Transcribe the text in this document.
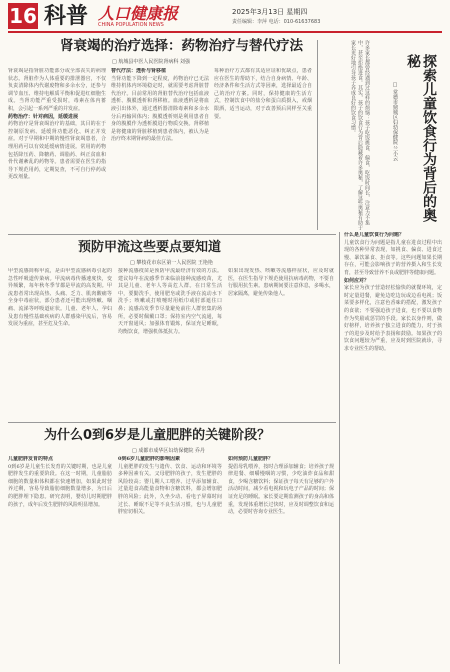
16 科普 人口健康报
CHINA POPULATION NEWS
2025年3月13日 星期四
责任编辑：李萍 电话：010-61637683
肾衰竭的治疗选择：药物治疗与替代疗法
□ 航城县中医人民医院肾病科 刘强
肾衰竭是指肾脏功能部分或全部丧失的病理状态。肾脏作为人体重要的排泄器官，不仅负责清除体内代谢废物和多余水分，还参与调节血压、维持电解质平衡和促进红细胞生成。当肾功能严重受损时，毒素在体内蓄积，会引起一系列严重的并发症。
药物治疗：针对病因，延缓进展
药物治疗是肾衰竭治疗的基础，其目的在于控制原发病、延缓肾功能恶化、纠正并发症。对于早期和中期的慢性肾衰竭患者，合理用药可以有效延缓病情进展。常用的药物包括降压药、降糖药、调脂药、纠正贫血和骨代谢紊乱的药物等。患者需要在医生的指导下规范用药，定期复查，不可自行停药或更改剂量。
替代疗法：透析与肾移植
当肾功能下降到一定程度，药物治疗已无法维持机体内环境稳定时，就需要考虑肾脏替代治疗。目前常用的肾脏替代治疗包括血液透析、腹膜透析和肾移植。血液透析是将血液引出体外，通过透析器清除毒素和多余水分后再输回体内；腹膜透析则是利用患者自身的腹膜作为透析膜进行物质交换。肾移植是将健康的肾脏移植到患者体内，被认为是治疗终末期肾病的最佳方法。
每种治疗方式都有其适应证和优缺点，患者应在医生的帮助下，结合自身病情、年龄、经济条件和生活方式等因素，选择最适合自己的治疗方案。同时，保持健康的生活方式，控制饮食中的盐分和蛋白质摄入，戒烟限酒，适当运动，对于改善预后同样至关重要。	许多家长都曾经遇到过这样的烦恼：孩子吃饭挑食、偏食，吃饭时间长，注意力不集中，甚至拒绝进食。其实，孩子的饮食行为背后隐藏着许多奥秘，了解这些奥秘有助于家长更好地引导孩子养成良好的饮食习惯。	探索儿童饮食行为背后的奥秘
□ 常德市鼎城区妇幼保健院 兰小云
什么是儿童饮食行为问题？
儿童饮食行为问题是指儿童在进食过程中出现的各种异常表现，如挑食、偏食、进食过慢、暴饮暴食、拒食等。这些问题如果长期存在，可能会影响孩子的营养摄入和生长发育，甚至导致营养不良或肥胖等健康问题。
如何应对？
家长应为孩子营造轻松愉快的就餐环境，定时定量进餐，避免边吃边玩或边看电视；饭菜要多样化，注意色香味的搭配，激发孩子的食欲；不要强迫孩子进食，也不要以食物作为奖励或惩罚的手段。家长以身作则，做好榜样，培养孩子独立进食的能力，对于孩子的进步及时给予表扬和鼓励。如果孩子的饮食问题较为严重，应及时到医院就诊，寻求专业医生的帮助。
预防甲流这些要点要知道
□ 攀枝花市东区第一人民医院 王艳艳
甲型流感简称甲流，是由甲型流感病毒引起的急性呼吸道传染病。甲流病毒传播速度快，变异频繁，每年秋冬季节都是甲流的高发期。甲流患者常出现高热、头痛、乏力、肌肉酸痛等全身中毒症状，部分患者还可能出现咳嗽、咽痛、流涕等呼吸道症状。儿童、老年人、孕妇及患有慢性基础疾病的人群感染甲流后，容易发展为重症，甚至危及生命。
接种流感疫苗是预防甲流最经济有效的方法。建议每年在流感季节来临前接种流感疫苗，尤其是儿童、老年人等高危人群。在日常生活中，要勤洗手，使用肥皂或洗手液在流动水下洗手；咳嗽或打喷嚏时用纸巾或肘部遮住口鼻；流感高发季节尽量避免前往人群密集的场所，必要时佩戴口罩；保持室内空气流通，每天开窗通风；加强体育锻炼，保证充足睡眠，均衡饮食，增强机体抵抗力。
如果出现发热、咳嗽等流感样症状，应及时就医，在医生指导下规范使用抗病毒药物，不要自行服用抗生素。患病期间要注意休息，多喝水，居家隔离，避免传染他人。
为什么0到6岁是儿童肥胖的关键阶段？
□ 成都市成华区妇幼保健院 乔丹
儿童肥胖发育的特点
0到6岁是儿童生长发育的关键时期，也是儿童肥胖发生的重要阶段。在这一时期，儿童脂肪细胞的数量和体积都在快速增加，如果此时营养过剩，容易导致脂肪细胞数量增多，为日后的肥胖埋下隐患。研究表明，婴幼儿时期肥胖的孩子，成年后发生肥胖的风险明显增加。
0到6岁儿童肥胖的影响因素
儿童肥胖的发生与遗传、饮食、运动和环境等多种因素有关。父母肥胖的孩子，发生肥胖的风险较高；婴儿期人工喂养、过早添加辅食、过量进食高能量食物和含糖饮料，都会增加肥胖的风险；此外，久坐少动、看电子屏幕时间过长、睡眠不足等不良生活习惯，也与儿童肥胖密切相关。
如何预防儿童肥胖？
提倡母乳喂养，按时合理添加辅食；培养孩子规律进餐、细嚼慢咽的习惯，少吃油炸食品和甜食，少喝含糖饮料；保证孩子每天有足够的户外活动时间，减少看电视和玩电子产品的时间；保证充足的睡眠。家长要定期监测孩子的身高和体重，发现体重增长过快时，应及时调整饮食和运动，必要时咨询专业医生。
